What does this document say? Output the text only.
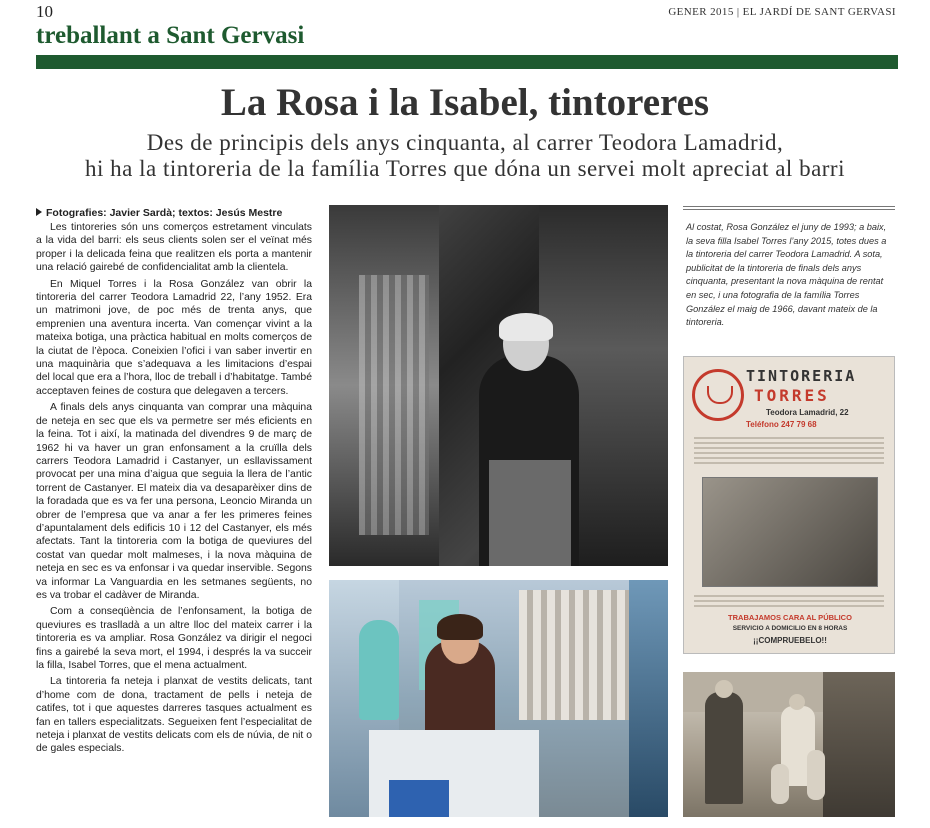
10	GENER 2015 | EL JARDÍ DE SANT GERVASI
treballant a Sant Gervasi
La Rosa i la Isabel, tintoreres
Des de principis dels anys cinquanta, al carrer Teodora Lamadrid,
hi ha la tintoreria de la família Torres que dóna un servei molt apreciat al barri
Fotografies: Javier Sardà; textos: Jesús Mestre

Les tintoreries són uns comerços estretament vinculats a la vida del barri: els seus clients solen ser el veïnat més proper i la delicada feina que realitzen els porta a mantenir una relació gairebé de confidencialitat amb la clientela.

En Miquel Torres i la Rosa González van obrir la tintoreria del carrer Teodora Lamadrid 22, l’any 1952. Era un matrimoni jove, de poc més de trenta anys, que emprenien una aventura incerta. Van començar vivint a la mateixa botiga, una pràctica habitual en molts comerços de la ciutat de l’època. Coneixien l’ofici i van saber invertir en una maquinària que s’adequava a les limitacions d’espai del local que era a l’hora, lloc de treball i d’habitatge. També acceptaven feines de costura que delegaven a tercers.

A finals dels anys cinquanta van comprar una màquina de neteja en sec que els va permetre ser més eficients en la feina. Tot i així, la matinada del divendres 9 de març de 1962 hi va haver un gran enfonsament a la cruïlla dels carrers Teodora Lamadrid i Castanyer, un esllavissament provocat per una mina d’aigua que seguia la llera de l’antic torrent de Castanyer. El mateix dia va desaparèixer dins de la foradada que es va fer una persona, Leoncio Miranda un obrer de l’empresa que va anar a fer les primeres feines d’apuntalament dels edificis 10 i 12 del Castanyer, els més afectats. Tant la tintoreria com la botiga de queviures del costat van quedar molt malmeses, i la nova màquina de neteja en sec es va enfonsar i va quedar inservible. Segons va informar La Vanguardia en les setmanes següents, no es va trobar el cadàver de Miranda.

Com a conseqüència de l’enfonsament, la botiga de queviures es traslladà a un altre lloc del mateix carrer i la tintoreria es va ampliar. Rosa González va dirigir el negoci fins a gairebé la seva mort, el 1994, i després la va succeir la filla, Isabel Torres, que el mena actualment.

La tintoreria fa neteja i planxat de vestits delicats, tant d’home com de dona, tractament de pells i neteja de catifes, tot i que aquestes darreres tasques actualment es fan en tallers especialitzats. Segueixen fent l’especialitat de neteja i planxat de vestits delicats com els de núvia, de nit o de gales especials.

Al costat, Rosa González el juny de 1993; a baix, la seva filla Isabel Torres l’any 2015, totes dues a la tintoreria del carrer Teodora Lamadrid. A sota, publicitat de la tintoreria de finals dels anys cinquanta, presentant la nova màquina de rentat en sec, i una fotografia de la família Torres González el maig de 1966, davant mateix de la tintoreria.
TINTORERIA
TORRES
Teodora Lamadrid, 22
Teléfono 247 79 68
TRABAJAMOS CARA AL PÚBLICO
SERVICIO A DOMICILIO EN 8 HORAS
¡¡COMPRUEBELO!!
